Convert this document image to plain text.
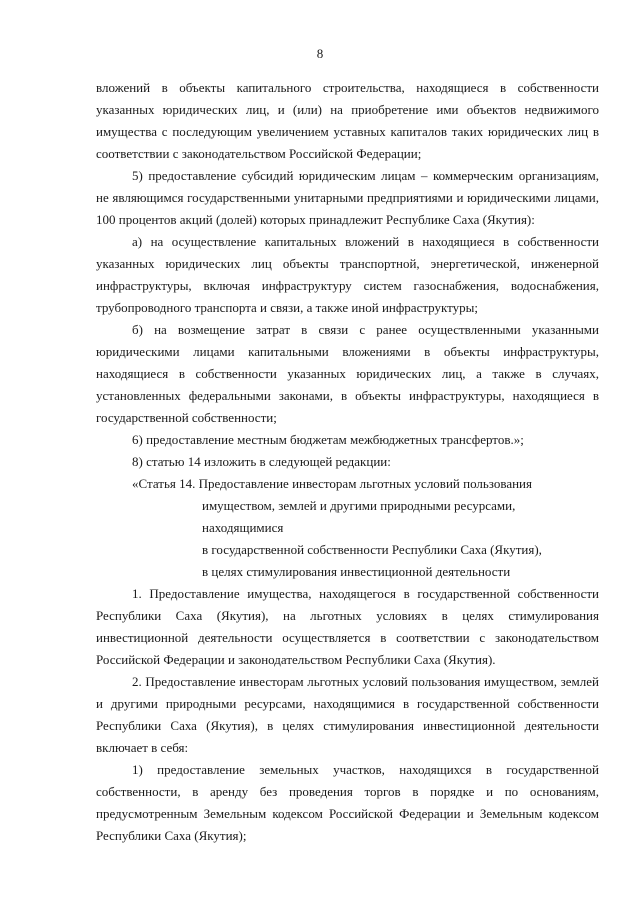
8

вложений в объекты капитального строительства, находящиеся в собственности указанных юридических лиц, и (или) на приобретение ими объектов недвижимого имущества с последующим увеличением уставных капиталов таких юридических лиц в соответствии с законодательством Российской Федерации;

5) предоставление субсидий юридическим лицам – коммерческим организациям, не являющимся государственными унитарными предприятиями и юридическими лицами, 100 процентов акций (долей) которых принадлежит Республике Саха (Якутия):

а) на осуществление капитальных вложений в находящиеся в собственности указанных юридических лиц объекты транспортной, энергетической, инженерной инфраструктуры, включая инфраструктуру систем газоснабжения, водоснабжения, трубопроводного транспорта и связи, а также иной инфраструктуры;

б) на возмещение затрат в связи с ранее осуществленными указанными юридическими лицами капитальными вложениями в объекты инфраструктуры, находящиеся в собственности указанных юридических лиц, а также в случаях, установленных федеральными законами, в объекты инфраструктуры, находящиеся в государственной собственности;

6) предоставление местным бюджетам межбюджетных трансфертов.»;

8) статью 14 изложить в следующей редакции:

«Статья 14. Предоставление инвесторам льготных условий пользования
имуществом, землей и другими природными ресурсами, находящимися
в государственной собственности Республики Саха (Якутия),
в целях стимулирования инвестиционной деятельности

1. Предоставление имущества, находящегося в государственной собственности Республики Саха (Якутия), на льготных условиях в целях стимулирования инвестиционной деятельности осуществляется в соответствии с законодательством Российской Федерации и законодательством Республики Саха (Якутия).

2. Предоставление инвесторам льготных условий пользования имуществом, землей и другими природными ресурсами, находящимися в государственной собственности Республики Саха (Якутия), в целях стимулирования инвестиционной деятельности включает в себя:

1) предоставление земельных участков, находящихся в государственной собственности, в аренду без проведения торгов в порядке и по основаниям, предусмотренным Земельным кодексом Российской Федерации и Земельным кодексом Республики Саха (Якутия);
